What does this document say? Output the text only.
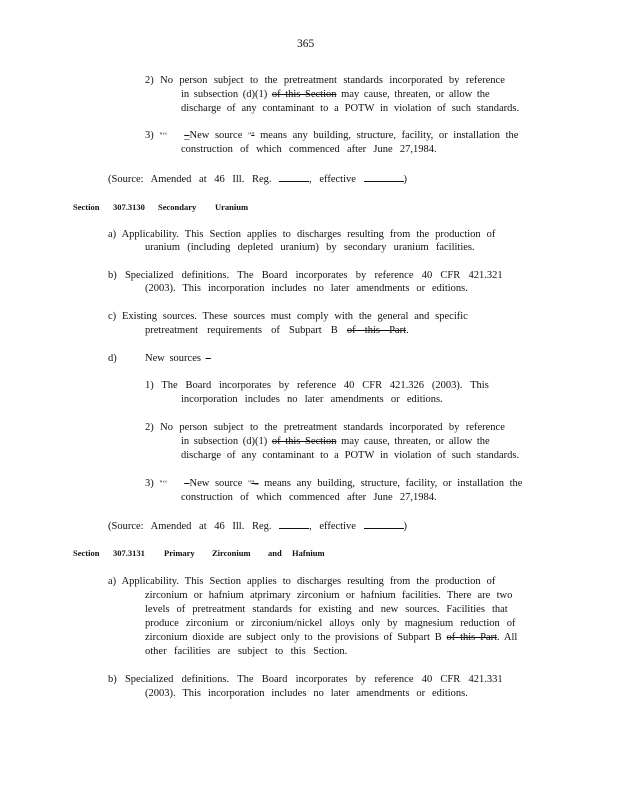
365
2) No person subject to the pretreatment standards incorporated by reference
in subsection (d)(1) of this Section may cause, threaten, or allow the
discharge of any contaminant to a POTW in violation of such standards.
3) "‘‘ _New source "" means any building, structure, facility, or installation the
construction of which commenced after June 27,1984.
(Source: Amended at 46 Ill. Reg.	, effective	)
Section 307.3130 Secondary Uranium
a) Applicability. This Section applies to discharges resulting from the production of
uranium (including depleted uranium) by secondary uranium facilities.
b) Specialized definitions. The Board incorporates by reference 40 CFR 421.321
(2003). This incorporation includes no later amendments or editions.
c) Existing sources. These sources must comply with the general and specific
pretreatment requirements of Subpart B of this Part.
d)	New sources –
1) The Board incorporates by reference 40 CFR 421.326 (2003). This
incorporation includes no later amendments or editions.
2) No person subject to the pretreatment standards incorporated by reference
in subsection (d)(1) of this Section may cause, threaten, or allow the
discharge of any contaminant to a POTW in violation of such standards.
3) "‘‘ –New source ""– means any building, structure, facility, or installation the
construction of which commenced after June 27,1984.
(Source: Amended at 46 Ill. Reg.	, effective	)
Section 307.3131 Primary Zirconium and Hafnium
a) Applicability. This Section applies to discharges resulting from the production of
zirconium or hafnium atprimary zirconium or hafnium facilities. There are two
levels of pretreatment standards for existing and new sources. Facilities that
produce zirconium or zirconium/nickel alloys only by magnesium reduction of
zirconium dioxide are subject only to the provisions of Subpart B of this Part. All
other facilities are subject to this Section.
b) Specialized definitions. The Board incorporates by reference 40 CFR 421.331
(2003). This incorporation includes no later amendments or editions.
